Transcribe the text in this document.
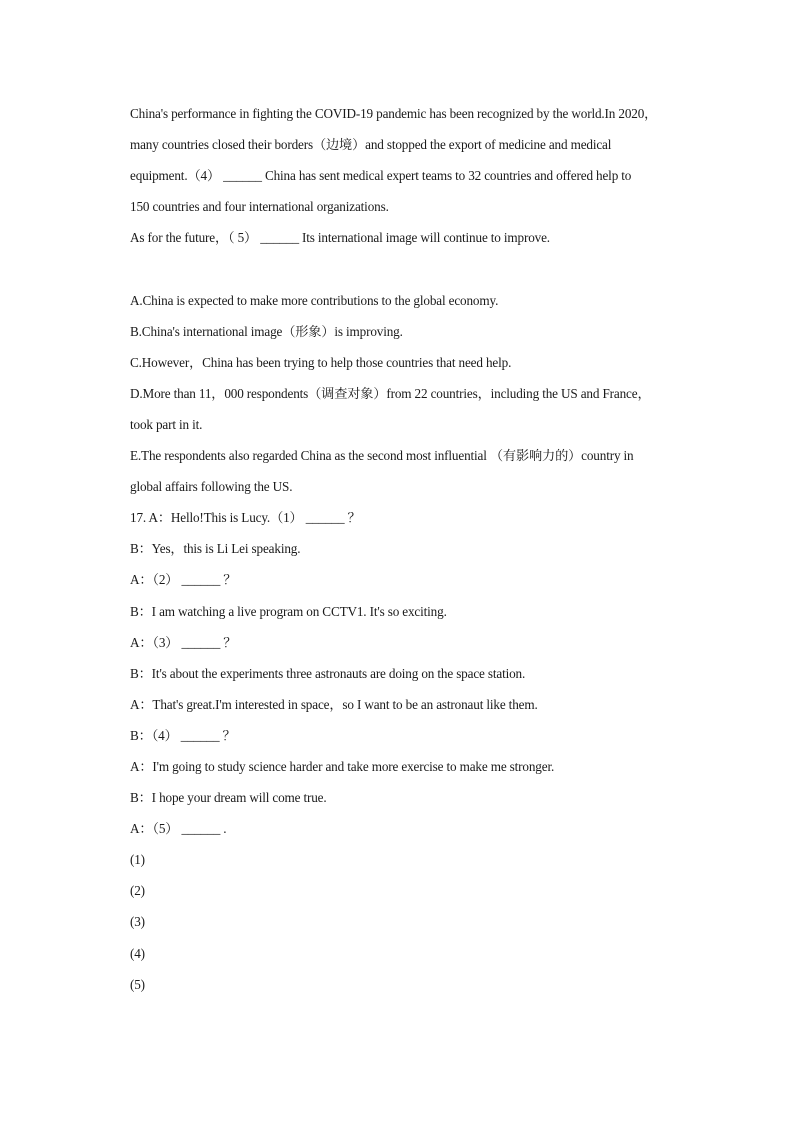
China's performance in fighting the COVID-19 pandemic has been recognized by the world.In 2020，
many countries closed their borders（边境）and stopped the export of medicine and medical
equipment.（4） ______ China has sent medical expert teams to 32 countries and offered help to
150 countries and four international organizations.
As for the future，（ 5） ______ Its international image will continue to improve.
A.China is expected to make more contributions to the global economy.
B.China's international image（形象）is improving.
C.However，China has been trying to help those countries that need help.
D.More than 11，000 respondents（调查对象）from 22 countries，including the US and France，
took part in it.
E.The respondents also regarded China as the second most influential （有影响力的）country in
global affairs following the US.
17. A：Hello!This is Lucy.（1） ______ ？
B：Yes，this is Li Lei speaking.
A：（2） ______ ？
B：I am watching a live program on CCTV1. It's so exciting.
A：（3） ______ ？
B：It's about the experiments three astronauts are doing on the space station.
A：That's great.I'm interested in space，so I want to be an astronaut like them.
B：（4） ______ ？
A：I'm going to study science harder and take more exercise to make me stronger.
B：I hope your dream will come true.
A：（5） ______ .
(1)
(2)
(3)
(4)
(5)
